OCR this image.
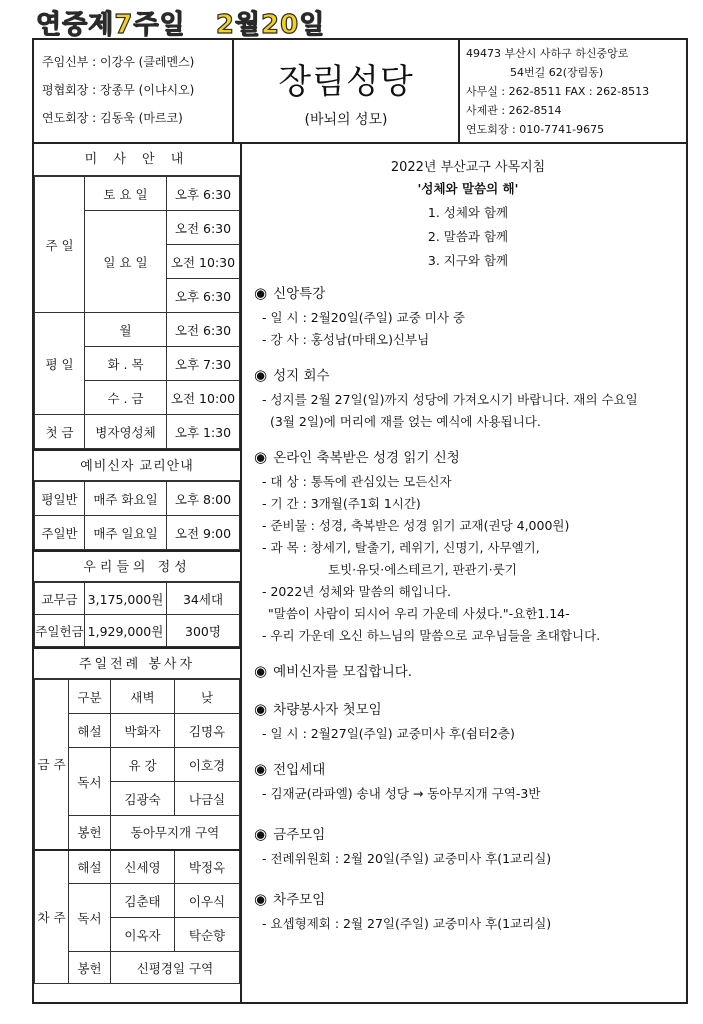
연중제7주일   2월20일
주임신부 : 이강우 (클레멘스)
평협회장 : 장종무 (이냐시오)
연도회장 : 김동욱 (마르코)
장림성당
(바뇌의 성모)
49473 부산시 사하구 하신중앙로
54번길 62(장림동)
사무실 : 262-8511 FAX : 262-8513
사제관 : 262-8514
연도회장 : 010-7741-9675
미 사 안 내
주 일	토 요 일	오후 6:30
	일 요 일	오전 6:30
		오전 10:30
		오후 6:30
평 일	월	오전 6:30
	화 . 목	오후 7:30
	수 . 금	오전 10:00
첫 금	병자영성체	오후 1:30
예비신자 교리안내
평일반	매주 화요일	오후 8:00
주일반	매주 일요일	오전 9:00
우리들의 정성
교무금	3,175,000원	34세대
주일헌금	1,929,000원	300명
주일전례 봉사자
금 주	구분	새벽	낮
	해설	박화자	김명옥
	독서	유 강	이호경
		김광숙	나금실
	봉헌	동아무지개 구역	
차 주	해설	신세영	박정옥
	독서	김춘태	이우식
		이옥자	탁순향
	봉헌	신평경일 구역	
2022년 부산교구 사목지침
'성체와 말씀의 해'
1. 성체와 함께
2. 말씀과 함께
3. 지구와 함께
◉ 신앙특강
- 일 시 : 2월20일(주일) 교중 미사 중
- 강 사 : 홍성남(마태오)신부님
◉ 성지 회수
- 성지를 2월 27일(일)까지 성당에 가져오시기 바랍니다. 재의 수요일
(3월 2일)에 머리에 재를 얹는 예식에 사용됩니다.
◉ 온라인 축복받은 성경 읽기 신청
- 대 상 : 통독에 관심있는 모든신자
- 기 간 : 3개월(주1회 1시간)
- 준비물 : 성경, 축복받은 성경 읽기 교재(권당 4,000원)
- 과 목 : 창세기, 탈출기, 레위기, 신명기, 사무엘기,
토빗·유딧·에스테르기, 판관기·룻기
- 2022년 성체와 말씀의 해입니다.
"말씀이 사람이 되시어 우리 가운데 사셨다."-요한1.14-
- 우리 가운데 오신 하느님의 말씀으로 교우님들을 초대합니다.
◉ 예비신자를 모집합니다.
◉ 차량봉사자 첫모임
- 일 시 : 2월27일(주일) 교중미사 후(쉼터2층)
◉ 전입세대
- 김재균(라파엘) 송내 성당 → 동아무지개 구역-3반
◉ 금주모임
- 전례위원회 : 2월 20일(주일) 교중미사 후(1교리실)
◉ 차주모임
- 요셉형제회 : 2월 27일(주일) 교중미사 후(1교리실)
